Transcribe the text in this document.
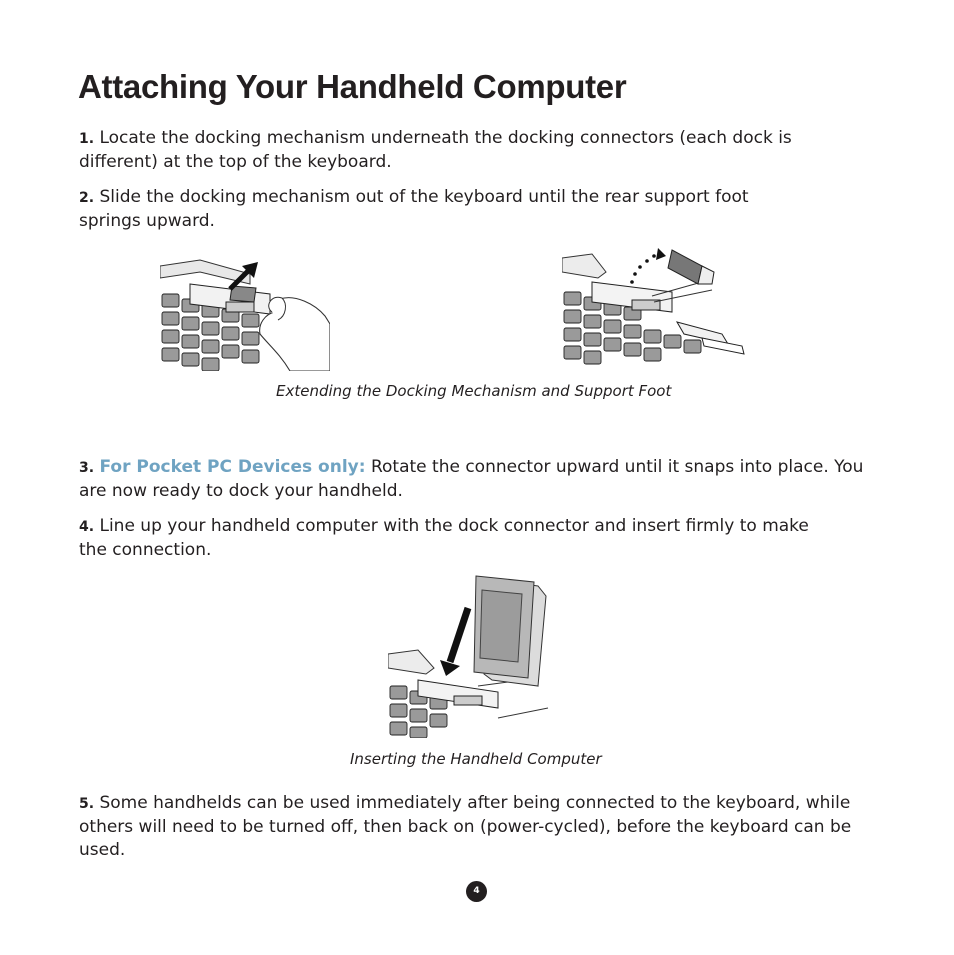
Attaching Your Handheld Computer

1. Locate the docking mechanism underneath the docking connectors (each dock is different) at the top of the keyboard.

2. Slide the docking mechanism out of the keyboard until the rear support foot springs upward.

Extending the Docking Mechanism and Support Foot

3. For Pocket PC Devices only: Rotate the connector upward until it snaps into place. You are now ready to dock your handheld.

4. Line up your handheld computer with the dock connector and insert firmly to make the connection.

Inserting the Handheld Computer

5. Some handhelds can be used immediately after being connected to the keyboard, while others will need to be turned off, then back on (power-cycled), before the keyboard can be used.

4
